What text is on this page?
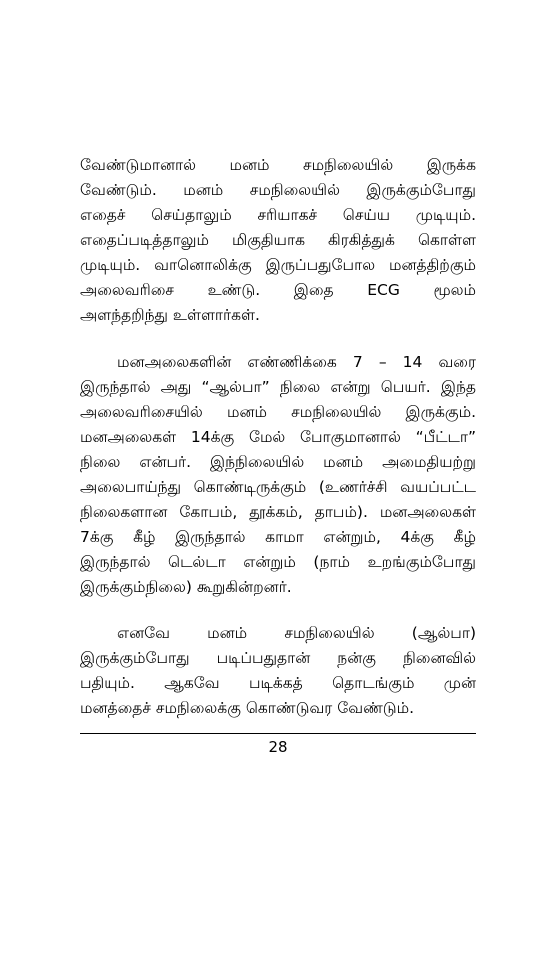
வேண்டுமானால் மனம் சமநிலையில் இருக்க
வேண்டும். மனம் சமநிலையில் இருக்கும்போது
எதைச் செய்தாலும் சரியாகச் செய்ய முடியும்.
எதைப்படித்தாலும் மிகுதியாக கிரகித்துக் கொள்ள
முடியும். வானொலிக்கு இருப்பதுபோல மனத்திற்கும்
அலைவரிசை உண்டு. இதை ECG மூலம்
அளந்தறிந்து உள்ளார்கள்.
மனஅலைகளின் எண்ணிக்கை 7 – 14 வரை
இருந்தால் அது “ஆல்பா” நிலை என்று பெயர். இந்த
அலைவரிசையில் மனம் சமநிலையில் இருக்கும்.
மனஅலைகள் 14க்கு மேல் போகுமானால் “பீட்டா”
நிலை என்பர். இந்நிலையில் மனம் அமைதியற்று
அலைபாய்ந்து கொண்டிருக்கும் (உணர்ச்சி வயப்பட்ட
நிலைகளான கோபம், தூக்கம், தாபம்). மனஅலைகள்
7க்கு கீழ் இருந்தால் காமா என்றும், 4க்கு கீழ்
இருந்தால் டெல்டா என்றும் (நாம் உறங்கும்போது
இருக்கும்நிலை) கூறுகின்றனர்.
எனவே மனம் சமநிலையில் (ஆல்பா)
இருக்கும்போது படிப்பதுதான் நன்கு நினைவில்
பதியும். ஆகவே படிக்கத் தொடங்கும் முன்
மனத்தைச் சமநிலைக்கு கொண்டுவர வேண்டும்.
28
